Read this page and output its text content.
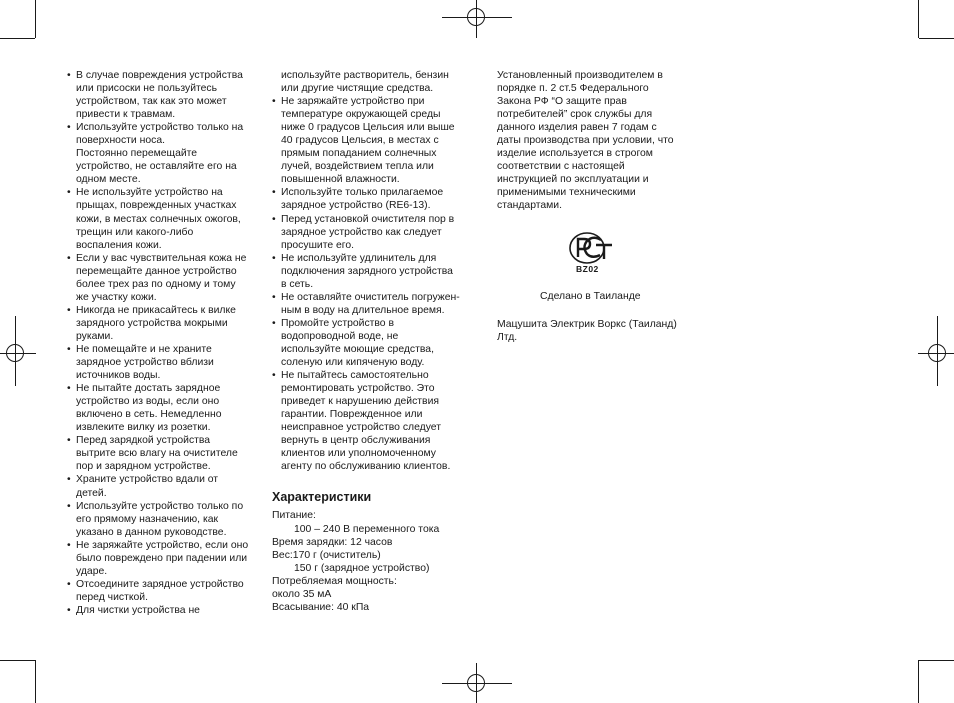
• В случае повреждения устройства
или присоски не пользуйтесь
устройством, так как это может
привести к травмам.
• Используйте устройство только на
поверхности носа.
Постоянно перемещайте
устройство, не оставляйте его на
одном месте.
• Не используйте устройство на
прыщах, поврежденных участках
кожи, в местах солнечных ожогов,
трещин или какого-либо
воспаления кожи.
• Если у вас чувствительная кожа не
перемещайте данное устройство
более трех раз по одному и тому
же участку кожи.
• Никогда не прикасайтесь к вилке
зарядного устройства мокрыми
руками.
• Не помещайте и не храните
зарядное устройство вблизи
источников воды.
• Не пытайте достать зарядное
устройство из воды, если оно
включено в сеть. Немедленно
извлеките вилку из розетки.
• Перед зарядкой устройства
вытрите всю влагу на очистителе
пор и зарядном устройстве.
• Храните устройство вдали от
детей.
• Используйте устройство только по
его прямому назначению, как
указано в данном руководстве.
• Не заряжайте устройство, если оно
было повреждено при падении или
ударе.
• Отсоедините зарядное устройство
перед чисткой.
• Для чистки устройства не
используйте растворитель, бензин
или другие чистящие средства.
• Не заряжайте устройство при
температуре окружающей среды
ниже 0 градусов Цельсия или выше
40 градусов Цельсия, в местах с
прямым попаданием солнечных
лучей, воздействием тепла или
повышенной влажности.
• Используйте только прилагаемое
зарядное устройство (RE6-13).
• Перед установкой очистителя пор в
зарядное устройство как следует
просушите его.
• Не используйте удлинитель для
подключения зарядного устройства
в сеть.
• Не оставляйте очиститель погружен-
ным в воду на длительное время.
• Промойте устройство в
водопроводной воде, не
используйте моющие средства,
соленую или кипяченую воду.
• Не пытайтесь самостоятельно
ремонтировать устройство. Это
приведет к нарушению действия
гарантии. Поврежденное или
неисправное устройство следует
вернуть в центр обслуживания
клиентов или уполномоченному
агенту по обслуживанию клиентов.
Характеристики
Питание:
100 – 240 В переменного тока
Время зарядки: 12 часов
Вес:170 г (очиститель)
150 г (зарядное устройство)
Потребляемая мощность:
около 35 мА
Всасывание: 40 кПа
Установленный производителем в
порядке п. 2 ст.5 Федерального
Закона РФ “О защите прав
потребителей” срок службы для
данного изделия равен 7 годам с
даты производства при условии, что
изделие используется в строгом
соответствии с настоящей
инструкцией по эксплуатации и
применимыми техническими
стандартами.
BZ02
Сделано в Таиланде
Мацушита Электрик Воркс (Таиланд)
Лтд.
